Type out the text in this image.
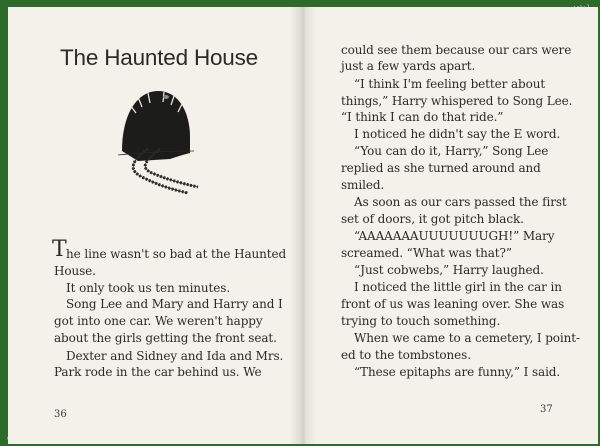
The Haunted House
T he line wasn't so bad at the Haunted
House.
It only took us ten minutes.
Song Lee and Mary and Harry and I
got into one car. We weren't happy
about the girls getting the front seat.
Dexter and Sidney and Ida and Mrs.
Park rode in the car behind us. We
36
could see them because our cars were
just a few yards apart.
“I think I'm feeling better about
things,” Harry whispered to Song Lee.
“I think I can do that ride.”
I noticed he didn't say the E word.
“You can do it, Harry,” Song Lee
replied as she turned around and
smiled.
As soon as our cars passed the first
set of doors, it got pitch black.
“AAAAAAAUUUUUUUGH!” Mary
screamed. “What was that?”
“Just cobwebs,” Harry laughed.
I noticed the little girl in the car in
front of us was leaning over. She was
trying to touch something.
When we came to a cemetery, I point-
ed to the tombstones.
“These epitaphs are funny,” I said.
37
마더하니
마더하니
